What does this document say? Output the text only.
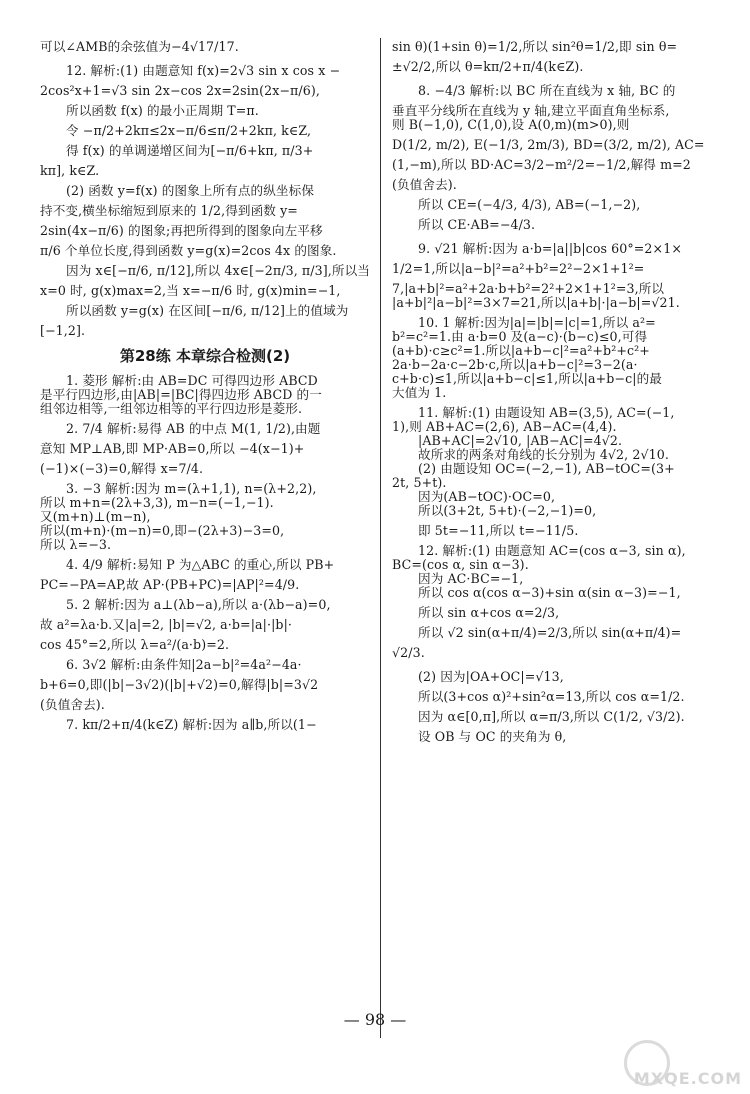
可以∠AMB的余弦值为−4√17/17.

12. 解析:(1) 由题意知 f(x)=2√3 sin x cos x −

2cos²x+1=√3 sin 2x−cos 2x=2sin(2x−π/6),

所以函数 f(x) 的最小正周期 T=π.

令 −π/2+2kπ≤2x−π/6≤π/2+2kπ, k∈Z,

得 f(x) 的单调递增区间为[−π/6+kπ, π/3+

kπ], k∈Z.

(2) 函数 y=f(x) 的图象上所有点的纵坐标保

持不变,横坐标缩短到原来的 1/2,得到函数 y=

2sin(4x−π/6) 的图象;再把所得到的图象向左平移

π/6 个单位长度,得到函数 y=g(x)=2cos 4x 的图象.

因为 x∈[−π/6, π/12],所以 4x∈[−2π/3, π/3],所以当

x=0 时, g(x)max=2,当 x=−π/6 时, g(x)min=−1,

所以函数 y=g(x) 在区间[−π/6, π/12]上的值域为

[−1,2].

第28练 本章综合检测(2)

1. 菱形 解析:由 AB=DC 可得四边形 ABCD

是平行四边形,由|AB|=|BC|得四边形 ABCD 的一

组邻边相等,一组邻边相等的平行四边形是菱形.

2. 7/4 解析:易得 AB 的中点 M(1, 1/2),由题

意知 MP⊥AB,即 MP·AB=0,所以 −4(x−1)+

(−1)×(−3)=0,解得 x=7/4.

3. −3 解析:因为 m=(λ+1,1), n=(λ+2,2),

所以 m+n=(2λ+3,3), m−n=(−1,−1).

又(m+n)⊥(m−n),

所以(m+n)·(m−n)=0,即−(2λ+3)−3=0,

所以 λ=−3.

4. 4/9 解析:易知 P 为△ABC 的重心,所以 PB+

PC=−PA=AP,故 AP·(PB+PC)=|AP|²=4/9.

5. 2 解析:因为 a⊥(λb−a),所以 a·(λb−a)=0,

故 a²=λa·b.又|a|=2, |b|=√2, a·b=|a|·|b|·

cos 45°=2,所以 λ=a²/(a·b)=2.

6. 3√2 解析:由条件知|2a−b|²=4a²−4a·

b+6=0,即(|b|−3√2)(|b|+√2)=0,解得|b|=3√2

(负值舍去).

7. kπ/2+π/4(k∈Z) 解析:因为 a∥b,所以(1−

sin θ)(1+sin θ)=1/2,所以 sin²θ=1/2,即 sin θ=

±√2/2,所以 θ=kπ/2+π/4(k∈Z).

8. −4/3 解析:以 BC 所在直线为 x 轴, BC 的

垂直平分线所在直线为 y 轴,建立平面直角坐标系,

则 B(−1,0), C(1,0),设 A(0,m)(m>0),则

D(1/2, m/2), E(−1/3, 2m/3), BD=(3/2, m/2), AC=

(1,−m),所以 BD·AC=3/2−m²/2=−1/2,解得 m=2

(负值舍去).

所以 CE=(−4/3, 4/3), AB=(−1,−2),

所以 CE·AB=−4/3.

9. √21 解析:因为 a·b=|a||b|cos 60°=2×1×

1/2=1,所以|a−b|²=a²+b²=2²−2×1+1²=

7,|a+b|²=a²+2a·b+b²=2²+2×1+1²=3,所以

|a+b|²|a−b|²=3×7=21,所以|a+b|·|a−b|=√21.

10. 1 解析:因为|a|=|b|=|c|=1,所以 a²=

b²=c²=1.由 a·b=0 及(a−c)·(b−c)≤0,可得

(a+b)·c≥c²=1.所以|a+b−c|²=a²+b²+c²+

2a·b−2a·c−2b·c,所以|a+b−c|²=3−2(a·

c+b·c)≤1,所以|a+b−c|≤1,所以|a+b−c|的最

大值为 1.

11. 解析:(1) 由题设知 AB=(3,5), AC=(−1,

1),则 AB+AC=(2,6), AB−AC=(4,4).

|AB+AC|=2√10, |AB−AC|=4√2.

故所求的两条对角线的长分别为 4√2, 2√10.

(2) 由题设知 OC=(−2,−1), AB−tOC=(3+

2t, 5+t).

因为(AB−tOC)·OC=0,

所以(3+2t, 5+t)·(−2,−1)=0,

即 5t=−11,所以 t=−11/5.

12. 解析:(1) 由题意知 AC=(cos α−3, sin α),

BC=(cos α, sin α−3).

因为 AC·BC=−1,

所以 cos α(cos α−3)+sin α(sin α−3)=−1,

所以 sin α+cos α=2/3,

所以 √2 sin(α+π/4)=2/3,所以 sin(α+π/4)=

√2/3.

(2) 因为|OA+OC|=√13,

所以(3+cos α)²+sin²α=13,所以 cos α=1/2.

因为 α∈[0,π],所以 α=π/3,所以 C(1/2, √3/2).

设 OB 与 OC 的夹角为 θ,

— 98 —
MXQE.COM
